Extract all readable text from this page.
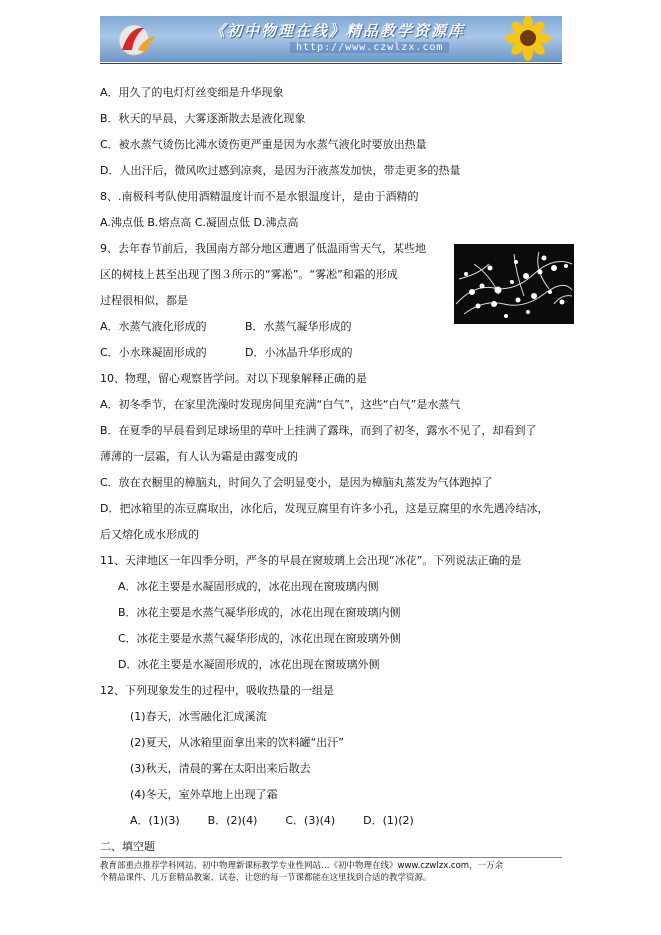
《初中物理在线》精品教学资源库
http://www.czwlzx.com
A．用久了的电灯灯丝变细是升华现象
B．秋天的早晨，大雾逐渐散去是液化现象
C．被水蒸气烫伤比沸水烫伤更严重是因为水蒸气液化时要放出热量
D．人出汗后，微风吹过感到凉爽，是因为汗液蒸发加快，带走更多的热量
8、.南极科考队使用酒精温度计而不是水银温度计，是由于酒精的
A.沸点低 B.熔点高 C.凝固点低 D.沸点高
9、去年春节前后，我国南方部分地区遭遇了低温雨雪天气，某些地
区的树枝上甚至出现了图３所示的“雾凇”。“雾凇”和霜的形成
过程很相似，都是
A．水蒸气液化形成的	B．水蒸气凝华形成的
C．小水珠凝固形成的	D．小冰晶升华形成的
10、物理，留心观察皆学问。对以下现象解释正确的是
A．初冬季节，在家里洗澡时发现房间里充满“白气”，这些“白气”是水蒸气
B．在夏季的早晨看到足球场里的草叶上挂满了露珠，而到了初冬，露水不见了，却看到了
薄薄的一层霜，有人认为霜是由露变成的
C．放在衣橱里的樟脑丸，时间久了会明显变小，是因为樟脑丸蒸发为气体跑掉了
D．把冰箱里的冻豆腐取出，冰化后，发现豆腐里有许多小孔，这是豆腐里的水先遇冷结冰，
后又熔化成水形成的
11、天津地区一年四季分明，严冬的早晨在窗玻璃上会出现“冰花”。下列说法正确的是
A．冰花主要是水凝固形成的，冰花出现在窗玻璃内侧
B．冰花主要是水蒸气凝华形成的，冰花出现在窗玻璃内侧
C．冰花主要是水蒸气凝华形成的，冰花出现在窗玻璃外侧
D．冰花主要是水凝固形成的，冰花出现在窗玻璃外侧
12、下列现象发生的过程中，吸收热量的一组是
(1)春天，冰雪融化汇成溪流
(2)夏天，从冰箱里面拿出来的饮料罐“出汗”
(3)秋天，清晨的雾在太阳出来后散去
(4)冬天，室外草地上出现了霜
A．(1)(3)        B．(2)(4)        C．(3)(4)        D．(1)(2)
二、填空题
教育部重点推荐学科网站、初中物理新课标教学专业性网站…《初中物理在线》www.czwlzx.com，一万余
个精品课件、几万套精品教案、试卷，让您的每一节课都能在这里找到合适的教学资源。
